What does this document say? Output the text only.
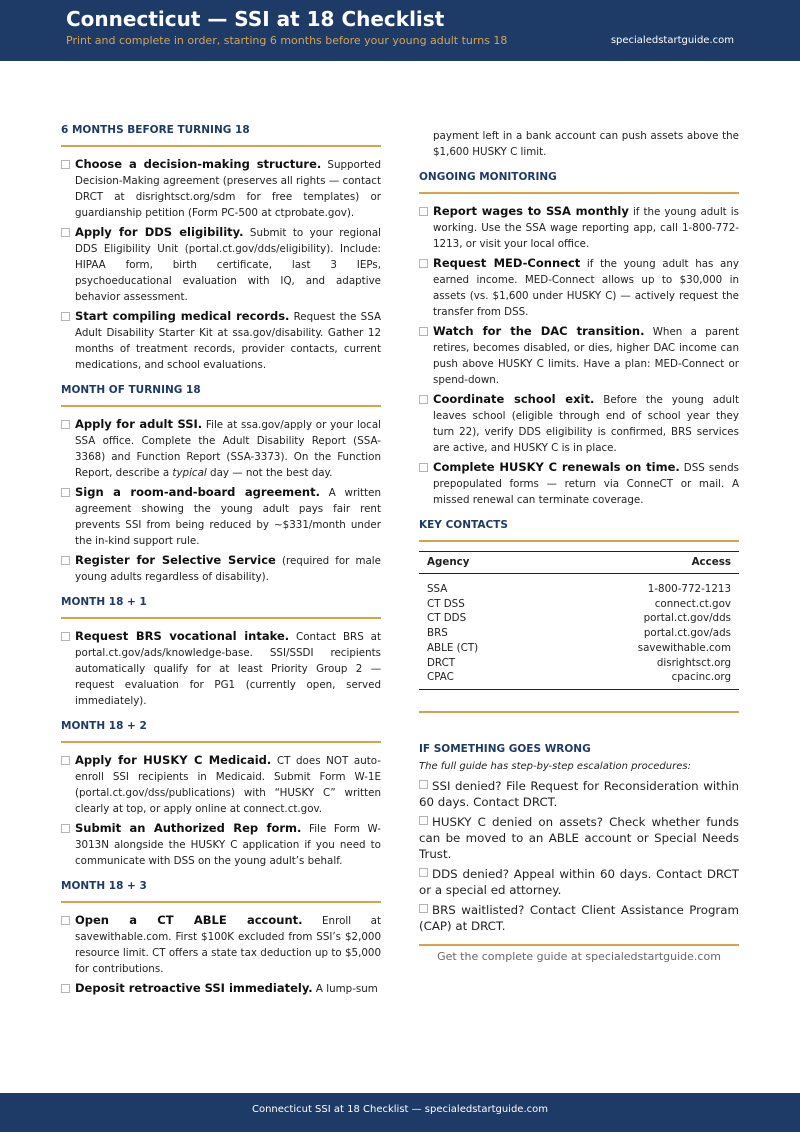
Connecticut — SSI at 18 Checklist
Print and complete in order, starting 6 months before your young adult turns 18	specialedstartguide.com
6 MONTHS BEFORE TURNING 18
Choose a decision-making structure. Supported Decision-Making agreement (preserves all rights — contact DRCT at disrightsct.org/sdm for free templates) or guardianship petition (Form PC-500 at ctprobate.gov).
Apply for DDS eligibility. Submit to your regional DDS Eligibility Unit (portal.ct.gov/dds/eligibility). Include: HIPAA form, birth certificate, last 3 IEPs, psychoeducational evaluation with IQ, and adaptive behavior assessment.
Start compiling medical records. Request the SSA Adult Disability Starter Kit at ssa.gov/disability. Gather 12 months of treatment records, provider contacts, current medications, and school evaluations.
MONTH OF TURNING 18
Apply for adult SSI. File at ssa.gov/apply or your local SSA office. Complete the Adult Disability Report (SSA-3368) and Function Report (SSA-3373). On the Function Report, describe a typical day — not the best day.
Sign a room-and-board agreement. A written agreement showing the young adult pays fair rent prevents SSI from being reduced by ~$331/month under the in-kind support rule.
Register for Selective Service (required for male young adults regardless of disability).
MONTH 18 + 1
Request BRS vocational intake. Contact BRS at portal.ct.gov/ads/knowledge-base. SSI/SSDI recipients automatically qualify for at least Priority Group 2 — request evaluation for PG1 (currently open, served immediately).
MONTH 18 + 2
Apply for HUSKY C Medicaid. CT does NOT auto-enroll SSI recipients in Medicaid. Submit Form W-1E (portal.ct.gov/dss/publications) with “HUSKY C” written clearly at top, or apply online at connect.ct.gov.
Submit an Authorized Rep form. File Form W-3013N alongside the HUSKY C application if you need to communicate with DSS on the young adult’s behalf.
MONTH 18 + 3
Open a CT ABLE account. Enroll at savewithable.com. First $100K excluded from SSI’s $2,000 resource limit. CT offers a state tax deduction up to $5,000 for contributions.
Deposit retroactive SSI immediately. A lump-sum
payment left in a bank account can push assets above the $1,600 HUSKY C limit.
ONGOING MONITORING
Report wages to SSA monthly if the young adult is working. Use the SSA wage reporting app, call 1-800-772-1213, or visit your local office.
Request MED-Connect if the young adult has any earned income. MED-Connect allows up to $30,000 in assets (vs. $1,600 under HUSKY C) — actively request the transfer from DSS.
Watch for the DAC transition. When a parent retires, becomes disabled, or dies, higher DAC income can push above HUSKY C limits. Have a plan: MED-Connect or spend-down.
Coordinate school exit. Before the young adult leaves school (eligible through end of school year they turn 22), verify DDS eligibility is confirmed, BRS services are active, and HUSKY C is in place.
Complete HUSKY C renewals on time. DSS sends prepopulated forms — return via ConneCT or mail. A missed renewal can terminate coverage.
KEY CONTACTS
Agency	Access
SSA	1-800-772-1213
CT DSS	connect.ct.gov
CT DDS	portal.ct.gov/dds
BRS	portal.ct.gov/ads
ABLE (CT)	savewithable.com
DRCT	disrightsct.org
CPAC	cpacinc.org
IF SOMETHING GOES WRONG
The full guide has step-by-step escalation procedures:
SSI denied? File Request for Reconsideration within 60 days. Contact DRCT.
HUSKY C denied on assets? Check whether funds can be moved to an ABLE account or Special Needs Trust.
DDS denied? Appeal within 60 days. Contact DRCT or a special ed attorney.
BRS waitlisted? Contact Client Assistance Program (CAP) at DRCT.
Get the complete guide at specialedstartguide.com
Connecticut SSI at 18 Checklist — specialedstartguide.com
